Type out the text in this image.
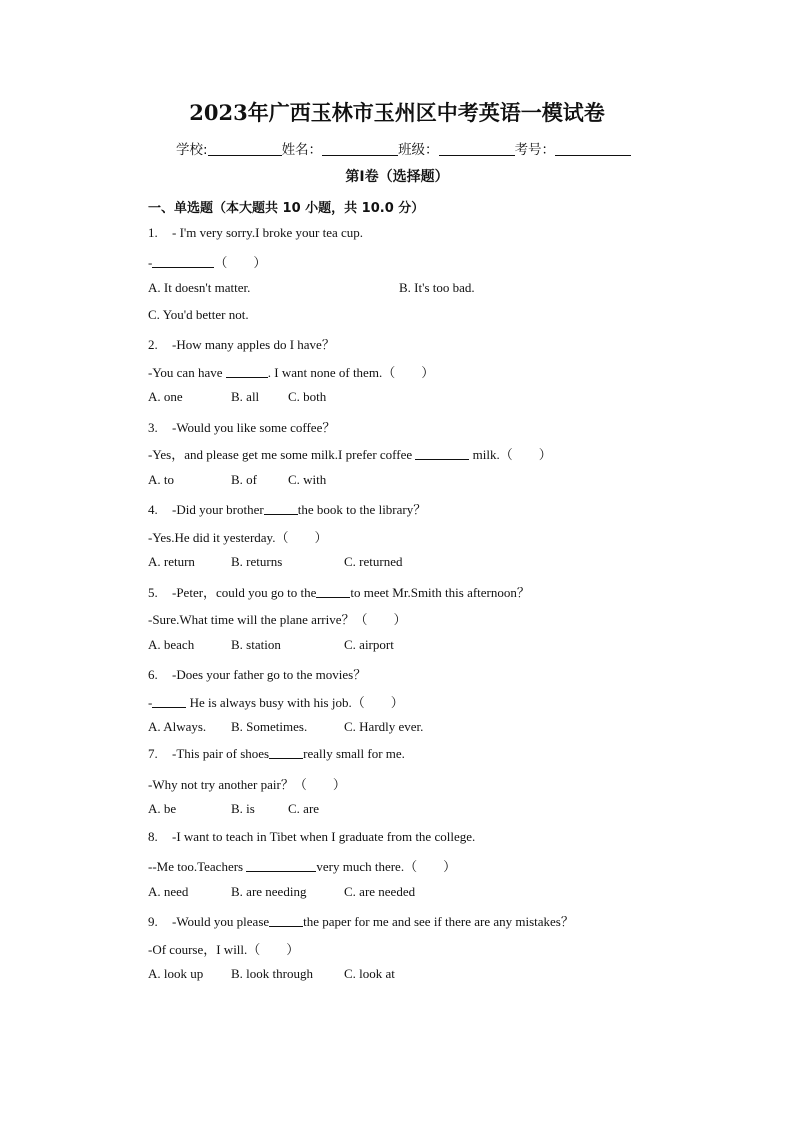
2023年广西玉林市玉州区中考英语一模试卷
学校:	姓名：	班级：	考号：
第I卷（选择题）
一、单选题（本大题共 10 小题，共 10.0 分）
1. - I'm very sorry.I broke your tea cup.
-	（　　）
A. It doesn't matter.	B. It's too bad.
C. You'd better not.
2. -How many apples do I have？
-You can have	. I want none of them.（　　）
A. one	B. all C. both
3. -Would you like some coffee？
-Yes，and please get me some milk.I prefer coffee	milk.（　　）
A. to	B. of C. with
4. -Did your brother	the book to the library？
-Yes.He did it yesterday.（　　）
A. return	B. returns	C. returned
5. -Peter，could you go to the	to meet Mr.Smith this afternoon？
-Sure.What time will the plane arrive？（　　）
A. beach	B. station	C. airport
6. -Does your father go to the movies？
-	He is always busy with his job.（　　）
A. Always. B. Sometimes.	C. Hardly ever.
7. -This pair of shoes	really small for me.
-Why not try another pair？（　　）
A. be	B. is	C. are
8. -I want to teach in Tibet when I graduate from the college.
--Me too.Teachers	very much there.（　　）
A. need	B. are needing	C. are needed
9. -Would you please	the paper for me and see if there are any mistakes？
-Of course，I will.（　　）
A. look up B. look through C. look at
